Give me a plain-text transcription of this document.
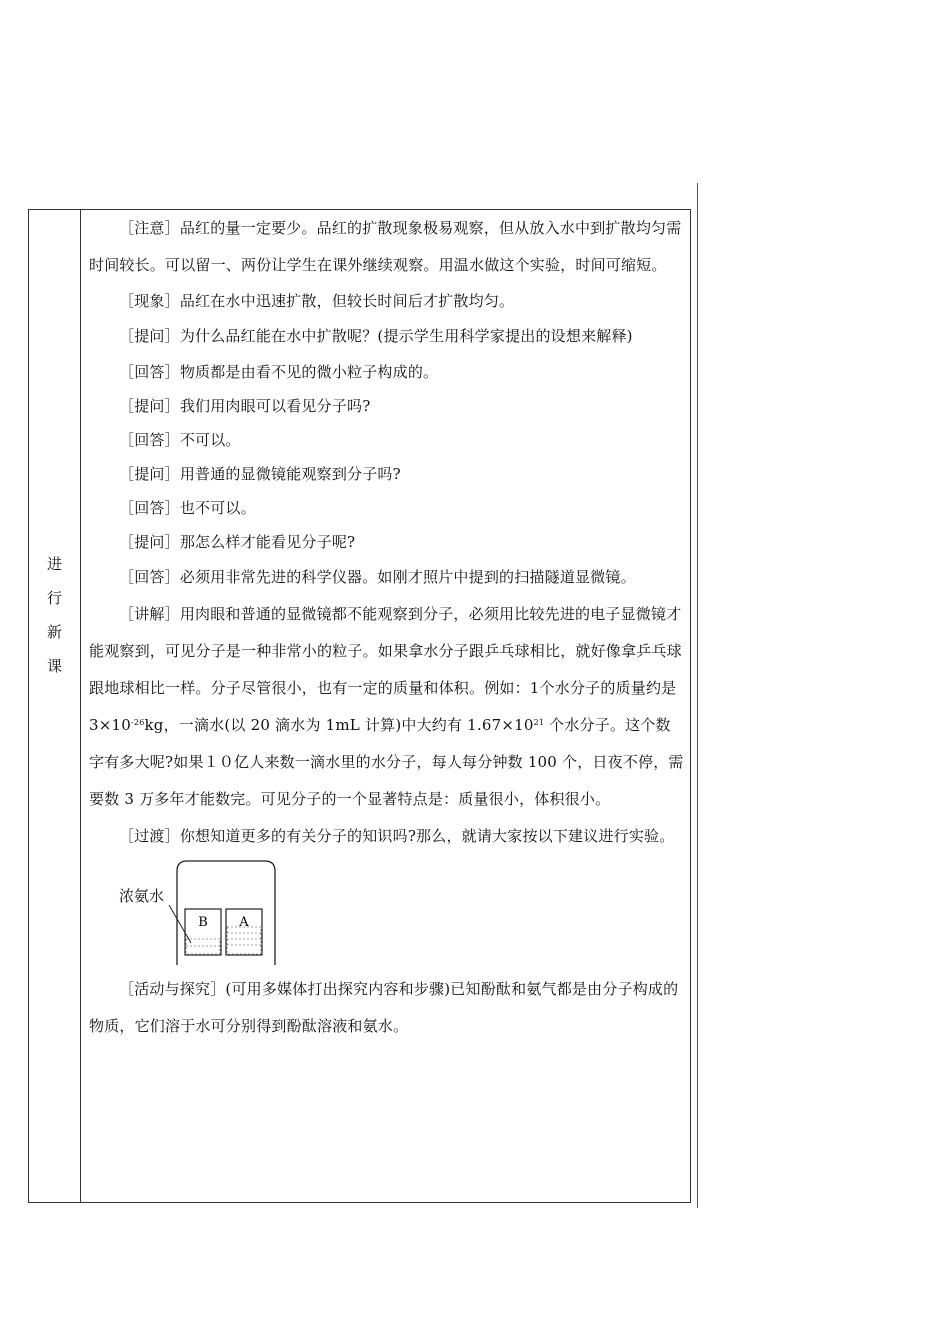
进
行
新
课

［注意］品红的量一定要少。品红的扩散现象极易观察，但从放入水中到扩散均匀需时间较长。可以留一、两份让学生在课外继续观察。用温水做这个实验，时间可缩短。

［现象］品红在水中迅速扩散，但较长时间后才扩散均匀。

［提问］为什么品红能在水中扩散呢？(提示学生用科学家提出的设想来解释)

［回答］物质都是由看不见的微小粒子构成的。

［提问］我们用肉眼可以看见分子吗?

［回答］不可以。

［提问］用普通的显微镜能观察到分子吗?

［回答］也不可以。

［提问］那怎么样才能看见分子呢?

［回答］必须用非常先进的科学仪器。如刚才照片中提到的扫描隧道显微镜。

［讲解］用肉眼和普通的显微镜都不能观察到分子，必须用比较先进的电子显微镜才能观察到，可见分子是一种非常小的粒子。如果拿水分子跟乒乓球相比，就好像拿乒乓球跟地球相比一样。分子尽管很小，也有一定的质量和体积。例如：1个水分子的质量约是 $3\times 10^{-26}kg$，一滴水(以 20 滴水为 1mL 计算)中大约有 $1.67\times 10^{21}$ 个水分子。这个数字有多大呢?如果１０亿人来数一滴水里的水分子，每人每分钟数 100 个，日夜不停，需要数 3 万多年才能数完。可见分子的一个显著特点是：质量很小，体积很小。

［过渡］你想知道更多的有关分子的知识吗?那么，就请大家按以下建议进行实验。

浓氨水
B A

［活动与探究］(可用多媒体打出探究内容和步骤)已知酚酞和氨气都是由分子构成的物质，它们溶于水可分别得到酚酞溶液和氨水。
